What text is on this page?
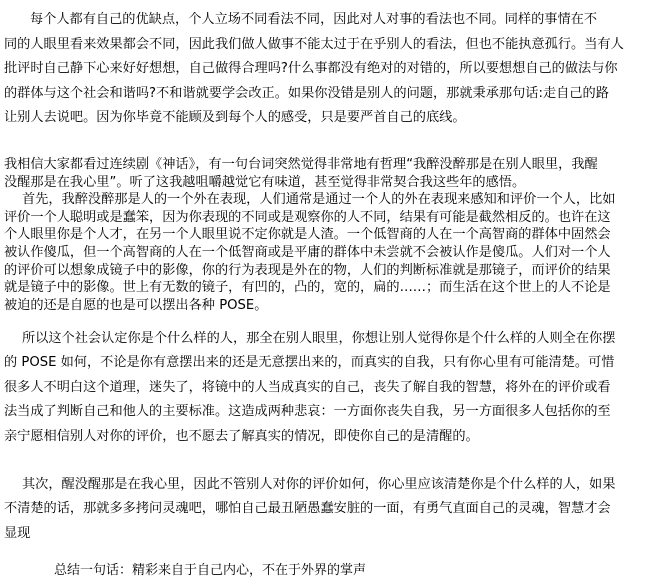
每个人都有自己的优缺点，个人立场不同看法不同，因此对人对事的看法也不同。同样的事情在不
同的人眼里看来效果都会不同，因此我们做人做事不能太过于在乎别人的看法，但也不能执意孤行。当有人
批评时自己静下心来好好想想，自己做得合理吗?什么事都没有绝对的对错的，所以要想想自己的做法与你
的群体与这个社会和谐吗?不和谐就要学会改正。如果你没错是别人的问题，那就秉承那句话:走自己的路
让别人去说吧。因为你毕竟不能顾及到每个人的感受，只是要严首自己的底线。
我相信大家都看过连续剧《神话》，有一句台词突然觉得非常地有哲理“我醉没醉那是在别人眼里，我醒
没醒那是在我心里”。听了这我越咀嚼越觉它有味道，甚至觉得非常契合我这些年的感悟。
首先，我醉没醉那是人的一个外在表现，人们通常是通过一个人的外在表现来感知和评价一个人，比如
评价一个人聪明或是蠢笨，因为你表现的不同或是观察你的人不同，结果有可能是截然相反的。也许在这
个人眼里你是个人才，在另一个人眼里说不定你就是人渣。一个低智商的人在一个高智商的群体中固然会
被认作傻瓜，但一个高智商的人在一个低智商或是平庸的群体中未尝就不会被认作是傻瓜。人们对一个人
的评价可以想象成镜子中的影像，你的行为表现是外在的物，人们的判断标准就是那镜子，而评价的结果
就是镜子中的影像。世上有无数的镜子，有凹的，凸的，宽的，扁的……；而生活在这个世上的人不论是
被迫的还是自愿的也是可以摆出各种 POSE。
所以这个社会认定你是个什么样的人，那全在别人眼里，你想让别人觉得你是个什么样的人则全在你摆
的 POSE 如何，不论是你有意摆出来的还是无意摆出来的，而真实的自我，只有你心里有可能清楚。可惜
很多人不明白这个道理，迷失了，将镜中的人当成真实的自己，丧失了解自我的智慧，将外在的评价或看
法当成了判断自己和他人的主要标准。这造成两种悲哀：一方面你丧失自我，另一方面很多人包括你的至
亲宁愿相信别人对你的评价，也不愿去了解真实的情况，即使你自己的是清醒的。
其次，醒没醒那是在我心里，因此不管别人对你的评价如何，你心里应该清楚你是个什么样的人，如果
不清楚的话，那就多多拷问灵魂吧，哪怕自己最丑陋愚蠢安脏的一面，有勇气直面自己的灵魂，智慧才会
显现
总结一句话：精彩来自于自己内心，不在于外界的掌声
